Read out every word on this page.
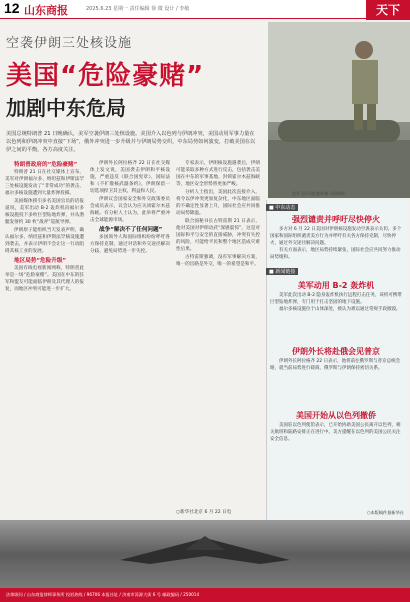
12 山东商报	2025.6.23 星期一 责任编辑 徐 微 设计 / 李敏	天下
空袭伊朗三处核设施
美国“危险豪赌”
加剧中东危局
美军飞行员检查炸弹（资料图）
美国总统特朗普 21 日晚确认，美军空袭伊朗三处核设施。美国介入以色列与伊朗冲突，美国动用军事力量在以色列和伊朗冲突中直接“下场”，俄外冲突进一步升级并与伊朗局势交织。中东局势如何演变，打破美国在以伊之间的平衡，各方高度关注。

特朗普政府的“危险豪赌”

特朗普 21 日在社交媒体上宣布，美军对伊朗福尔多、纳坦兹和伊斯法罕三处核设施发动了“非常成功”的袭击，福尔多核设施遭到大量炸弹投掷。

美国媒体援引多名美国官员的话报道说，美军出动 B-2 轰炸机向福尔多核设施投下多枚巨型钻地炸弹，并从潜艇发射约 30 枚“战斧”巡航导弹。

伊朗原子能组织当天发表声明，确认福尔多、纳坦兹和伊斯法罕核设施遭到袭击，并表示伊朗不会让这一行动阻碍其核工业的发展。

地区局势“危险升级”

美国有线电视新闻网称，特朗普此举是一场“危险豪赌”。美国在中东的驻军和盟友可能面临伊朗及其代理人的报复，而地区冲突可能进一步扩大。

伊朗外长阿拉格齐 22 日在社交媒体上发文说，美国袭击伊朗和平核设施，严重违反《联合国宪章》、国际法和《不扩散核武器条约》，伊朗保留一切选项捍卫其主权、利益和人民。

伊朗议会国家安全和外交政策委员会成员表示，议会认为应关闭霍尔木兹海峡。有分析人士认为，此举将严重冲击全球能源市场。

战争“解决不了任何问题”

多国领导人和国际组织纷纷呼吁各方保持克制，通过对话和外交途径解决分歧，避免局势进一步失控。

专家表示，伊朗核设施遇袭后，伊朗可能采取多种方式进行反击，包括袭击美国在中东的军事基地、封锁霍尔木兹海峡等，地区安全形势将更加严峻。

分析人士指出，美国此次直接介入，将令以伊冲突更加复杂化，中东地区面临的不确定性显著上升，国际社会应共同推动局势降温。

联合国秘书长古特雷斯 21 日表示，他对美国对伊朗动武“深感震惊”，这是对国际和平与安全的直接威胁，冲突有失控的风险，可能给平民和整个地区造成灾难性后果。

古特雷斯强调，没有军事解决方案，唯一的出路是外交，唯一的希望是和平。

○新华社北京 6 月 22 日电
■ 中东动态
强烈谴责并呼吁尽快停火

多方对 6 月 22 日美国对伊朗核设施发动空袭表示关切。多个国家和国际组织谴责美方行为并呼吁有关各方保持克制，尽快停火，通过外交途径解决问题。

有关方面表示，地区局势持续紧张，国际社会应共同努力推动局势缓和。

■ 新闻链接
美军动用 B-2 轰炸机

美军此次出动 B-2 隐身轰炸机执行远程打击任务，该机可携带巨型钻地炸弹，专门用于打击坚固的地下设施。

福尔多核设施位于山体深处，被认为难以通过常规手段摧毁。

伊朗外长将赴俄会见普京

伊朗外长阿拉格齐 22 日表示，他将前往俄罗斯与普京总统会晤，就当前局势进行磋商。俄罗斯与伊朗保持密切关系。

美国开始从以色列撤侨

美国驻以色列使馆表示，已开始协助美国公民离开以色列，相关航班和陆路安排正在进行中。美方提醒在以色列的美国公民关注安全信息。

○本版稿件据新华社
法律顾问 / 山东商报律师事务所 投诉热线 / 96706 本报社址 / 济南市泺源大街 6 号 邮政编码 / 250014
